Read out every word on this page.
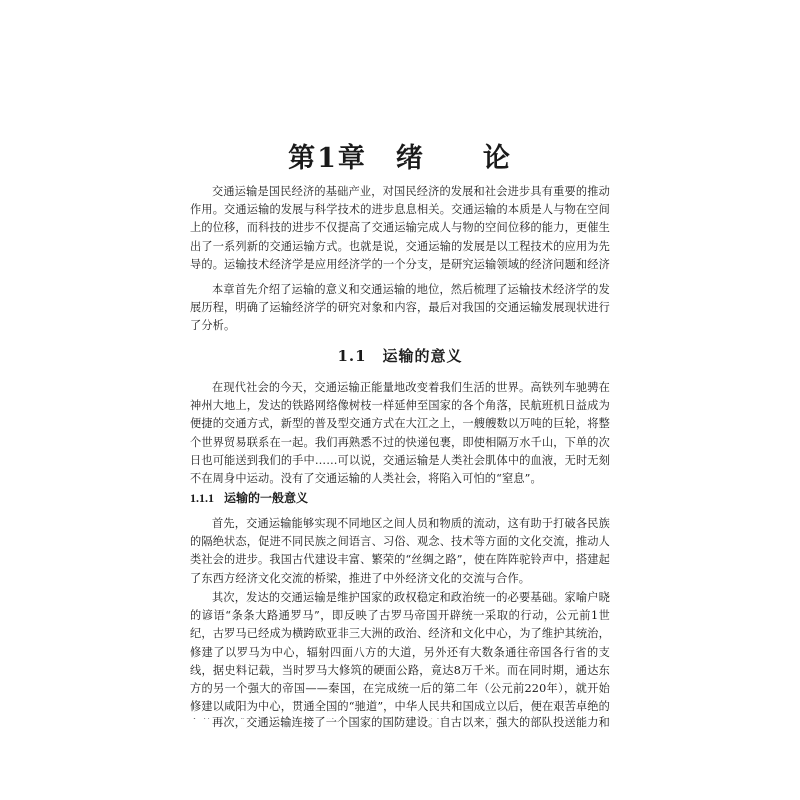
第1章　绪　　论

交通运输是国民经济的基础产业，对国民经济的发展和社会进步具有重要的推动作用。交通运输的发展与科学技术的进步息息相关。交通运输的本质是人与物在空间上的位移，而科技的进步不仅提高了交通运输完成人与物的空间位移的能力，更催生出了一系列新的交通运输方式。也就是说，交通运输的发展是以工程技术的应用为先导的。运输技术经济学是应用经济学的一个分支，是研究运输领域的经济问题和经济

本章首先介绍了运输的意义和交通运输的地位，然后梳理了运输技术经济学的发展历程，明确了运输经济学的研究对象和内容，最后对我国的交通运输发展现状进行了分析。

1.1　运输的意义

在现代社会的今天，交通运输正能量地改变着我们生活的世界。高铁列车驰骋在神州大地上，发达的铁路网络像树枝一样延伸至国家的各个角落，民航班机日益成为便捷的交通方式，新型的普及型交通方式在大江之上，一艘艘数以万吨的巨轮，将整个世界贸易联系在一起。我们再熟悉不过的快递包裹，即使相隔万水千山，下单的次日也可能送到我们的手中……可以说，交通运输是人类社会肌体中的血液，无时无刻不在周身中运动。没有了交通运输的人类社会，将陷入可怕的“窒息”。

1.1.1 运输的一般意义

首先，交通运输能够实现不同地区之间人员和物质的流动，这有助于打破各民族的隔绝状态，促进不同民族之间语言、习俗、观念、技术等方面的文化交流，推动人类社会的进步。我国古代建设丰富、繁荣的“丝绸之路”，使在阵阵驼铃声中，搭建起了东西方经济文化交流的桥梁，推进了中外经济文化的交流与合作。

其次，发达的交通运输是维护国家的政权稳定和政治统一的必要基础。家喻户晓的谚语“条条大路通罗马”，即反映了古罗马帝国开辟统一采取的行动，公元前1世纪，古罗马已经成为横跨欧亚非三大洲的政治、经济和文化中心，为了维护其统治，修建了以罗马为中心，辐射四面八方的大道，另外还有大数条通往帝国各行省的支线，据史料记载，当时罗马大修筑的硬面公路，竟达8万千米。而在同时期，通达东方的另一个强大的帝国——秦国，在完成统一后的第二年（公元前220年），就开始修建以咸阳为中心，贯通全国的“驰道”，中华人民共和国成立以后，便在艰苦卓绝的

再次，交通运输连接了一个国家的国防建设。自古以来，强大的部队投送能力和
